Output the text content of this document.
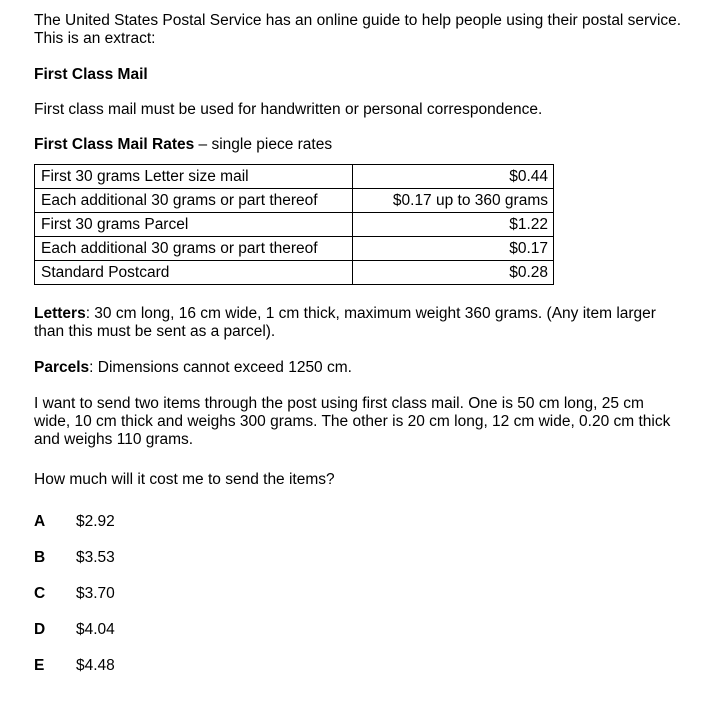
The United States Postal Service has an online guide to help people using their postal service. This is an extract:

First Class Mail

First class mail must be used for handwritten or personal correspondence.

First Class Mail Rates – single piece rates

First 30 grams Letter size mail	$0.44
Each additional 30 grams or part thereof	$0.17 up to 360 grams
First 30 grams Parcel	$1.22
Each additional 30 grams or part thereof	$0.17
Standard Postcard	$0.28

Letters: 30 cm long, 16 cm wide, 1 cm thick, maximum weight 360 grams. (Any item larger than this must be sent as a parcel).

Parcels: Dimensions cannot exceed 1250 cm.

I want to send two items through the post using first class mail. One is 50 cm long, 25 cm wide, 10 cm thick and weighs 300 grams. The other is 20 cm long, 12 cm wide, 0.20 cm thick and weighs 110 grams.

How much will it cost me to send the items?

A	$2.92
B	$3.53
C	$3.70
D	$4.04
E	$4.48
